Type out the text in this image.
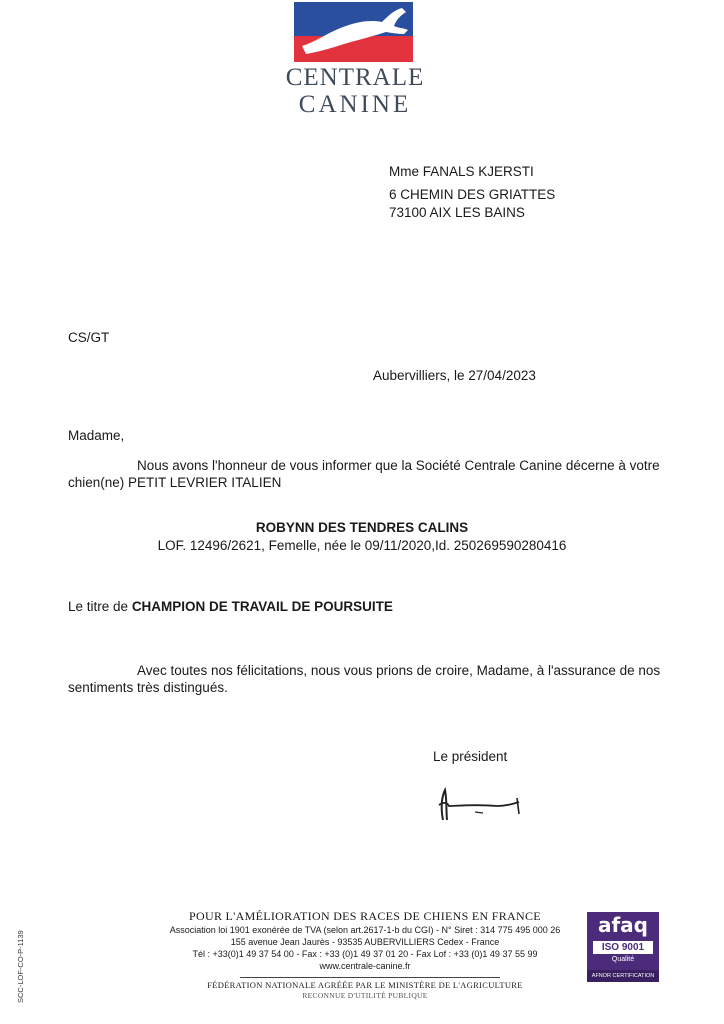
CENTRALE
CANINE
Mme FANALS KJERSTI
6 CHEMIN DES GRIATTES
73100 AIX LES BAINS
CS/GT
Aubervilliers, le 27/04/2023
Madame,
Nous avons l'honneur de vous informer que la Société Centrale Canine décerne à votre
chien(ne) PETIT LEVRIER ITALIEN
ROBYNN DES TENDRES CALINS
LOF. 12496/2621, Femelle, née le 09/11/2020,Id. 250269590280416
Le titre de CHAMPION DE TRAVAIL DE POURSUITE
Avec toutes nos félicitations, nous vous prions de croire, Madame, à l'assurance de nos
sentiments très distingués.
Le président
POUR L'AMÉLIORATION DES RACES DE CHIENS EN FRANCE
Association loi 1901 exonérée de TVA (selon art.2617-1-b du CGI) - N° Siret : 314 775 495 000 26
155 avenue Jean Jaurès - 93535 AUBERVILLIERS Cedex - France
Tél : +33(0)1 49 37 54 00 - Fax : +33 (0)1 49 37 01 20 - Fax Lof : +33 (0)1 49 37 55 99
www.centrale-canine.fr
FÉDÉRATION NATIONALE AGRÉÉE PAR LE MINISTÈRE DE L'AGRICULTURE
RECONNUE D'UTILITÉ PUBLIQUE
SCC-LOF-CO-P-1139
afaq
ISO 9001
Qualité
AFNOR CERTIFICATION
